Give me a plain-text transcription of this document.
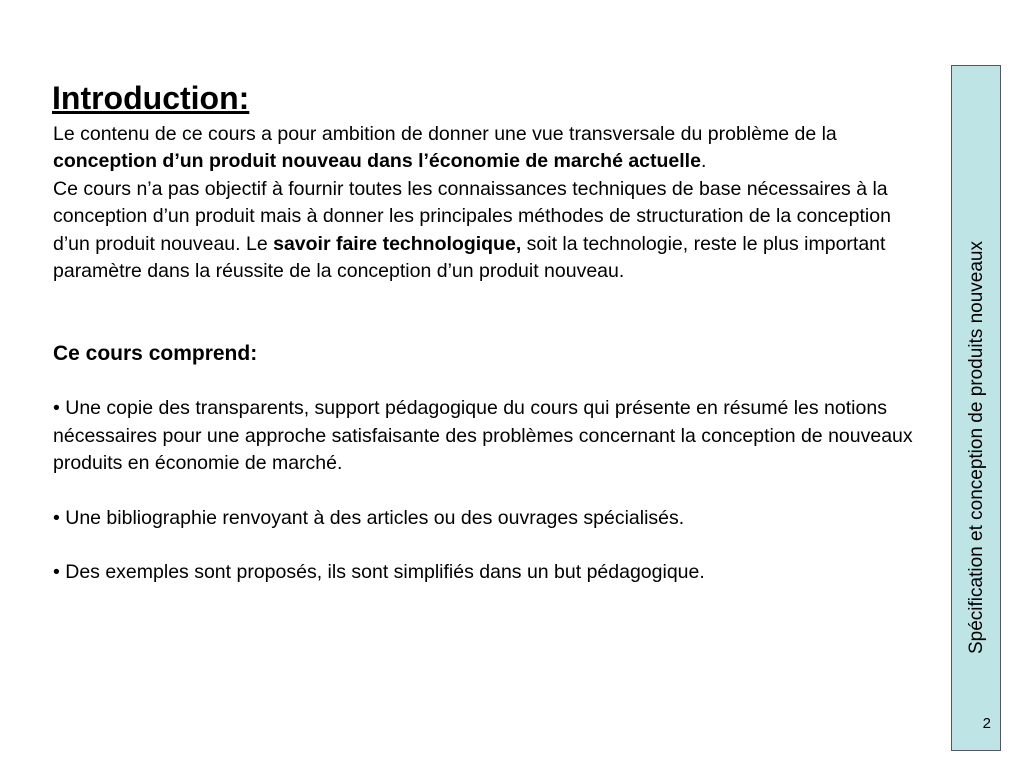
Introduction:

Le contenu de ce cours a pour ambition de donner une vue transversale du problème de la conception d’un produit nouveau dans l’économie de marché actuelle.

Ce cours n’a pas objectif à fournir toutes les connaissances techniques de base nécessaires à la conception d’un produit mais à donner les principales méthodes de structuration de la conception d’un produit nouveau. Le savoir faire technologique, soit la technologie, reste le plus important paramètre dans la réussite de la conception d’un produit nouveau.

Ce cours comprend:

• Une copie des transparents, support pédagogique du cours qui présente en résumé les notions nécessaires pour une approche satisfaisante des problèmes concernant la conception de nouveaux produits en économie de marché.

• Une bibliographie renvoyant à des articles ou des ouvrages spécialisés.

• Des exemples sont proposés, ils sont simplifiés dans un but pédagogique.	Spécification et conception de produits nouveaux
2
